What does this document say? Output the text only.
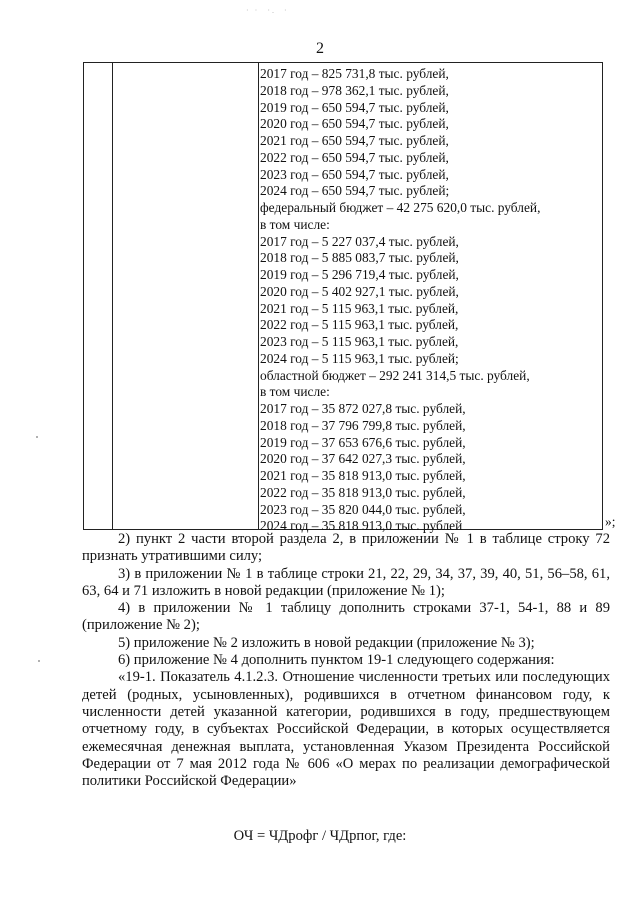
· ·  ·.  ·
2
2017 год – 825 731,8 тыс. рублей,
2018 год – 978 362,1 тыс. рублей,
2019 год – 650 594,7 тыс. рублей,
2020 год – 650 594,7 тыс. рублей,
2021 год – 650 594,7 тыс. рублей,
2022 год – 650 594,7 тыс. рублей,
2023 год – 650 594,7 тыс. рублей,
2024 год – 650 594,7 тыс. рублей;
федеральный бюджет – 42 275 620,0 тыс. рублей,
в том числе:
2017 год – 5 227 037,4 тыс. рублей,
2018 год – 5 885 083,7 тыс. рублей,
2019 год – 5 296 719,4 тыс. рублей,
2020 год – 5 402 927,1 тыс. рублей,
2021 год – 5 115 963,1 тыс. рублей,
2022 год – 5 115 963,1 тыс. рублей,
2023 год – 5 115 963,1 тыс. рублей,
2024 год – 5 115 963,1 тыс. рублей;
областной бюджет – 292 241 314,5 тыс. рублей,
в том числе:
2017 год – 35 872 027,8 тыс. рублей,
2018 год – 37 796 799,8 тыс. рублей,
2019 год – 37 653 676,6 тыс. рублей,
2020 год – 37 642 027,3 тыс. рублей,
2021 год – 35 818 913,0 тыс. рублей,
2022 год – 35 818 913,0 тыс. рублей,
2023 год – 35 820 044,0 тыс. рублей,
2024 год – 35 818 913,0 тыс. рублей	»;

2) пункт 2 части второй раздела 2, в приложении № 1 в таблице строку 72 признать утратившими силу;

3) в приложении № 1 в таблице строки 21, 22, 29, 34, 37, 39, 40, 51, 56–58, 61, 63, 64 и 71 изложить в новой редакции (приложение № 1);

4) в приложении № 1 таблицу дополнить строками 37-1, 54-1, 88 и 89 (приложение № 2);

5) приложение № 2 изложить в новой редакции (приложение № 3);

6) приложение № 4 дополнить пунктом 19-1 следующего содержания:

«19-1. Показатель 4.1.2.3. Отношение численности третьих или последующих детей (родных, усыновленных), родившихся в отчетном финансовом году, к численности детей указанной категории, родившихся в году, предшествующем отчетному году, в субъектах Российской Федерации, в которых осуществляется ежемесячная денежная выплата, установленная Указом Президента Российской Федерации от 7 мая 2012 года № 606 «О мерах по реализации демографической политики Российской Федерации»

ОЧ = ЧДрофг / ЧДрпог, где:
